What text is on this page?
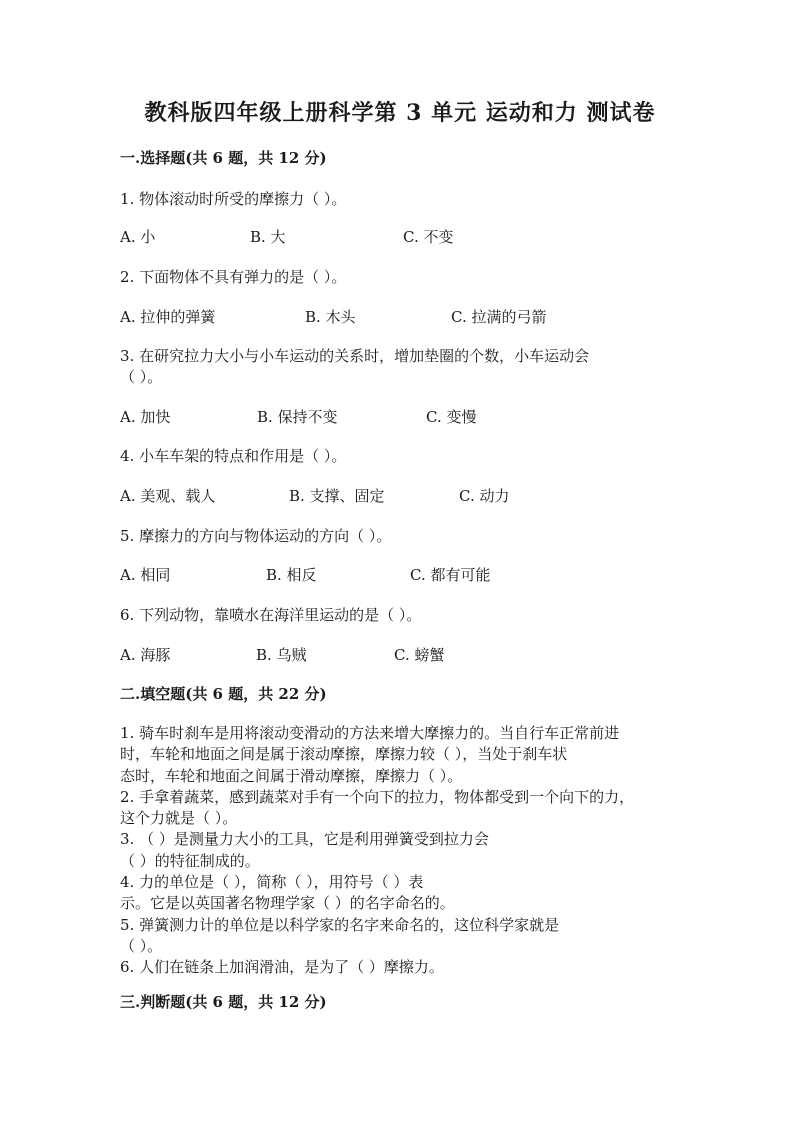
教科版四年级上册科学第 3 单元 运动和力 测试卷
一.选择题(共 6 题，共 12 分)
1. 物体滚动时所受的摩擦力（ ）。
A. 小	B. 大	C. 不变
2. 下面物体不具有弹力的是（ ）。
A. 拉伸的弹簧	B. 木头	C. 拉满的弓箭
3. 在研究拉力大小与小车运动的关系时，增加垫圈的个数，小车运动会
（ ）。
A. 加快	B. 保持不变	C. 变慢
4. 小车车架的特点和作用是（ ）。
A. 美观、载人	B. 支撑、固定	C. 动力
5. 摩擦力的方向与物体运动的方向（ ）。
A. 相同	B. 相反	C. 都有可能
6. 下列动物，靠喷水在海洋里运动的是（ ）。
A. 海豚	B. 乌贼	C. 螃蟹
二.填空题(共 6 题，共 22 分)

1. 骑车时刹车是用将滚动变滑动的方法来增大摩擦力的。当自行车正常前进

时，车轮和地面之间是属于滚动摩擦，摩擦力较（ ），当处于刹车状

态时，车轮和地面之间属于滑动摩擦，摩擦力（ ）。

2. 手拿着蔬菜，感到蔬菜对手有一个向下的拉力，物体都受到一个向下的力，

这个力就是（ ）。

3. （ ）是测量力大小的工具，它是利用弹簧受到拉力会

（ ）的特征制成的。

4. 力的单位是（ ），简称（ ），用符号（ ）表

示。它是以英国著名物理学家（ ）的名字命名的。

5. 弹簧测力计的单位是以科学家的名字来命名的，这位科学家就是

（ ）。

6. 人们在链条上加润滑油，是为了（ ）摩擦力。

三.判断题(共 6 题，共 12 分)
